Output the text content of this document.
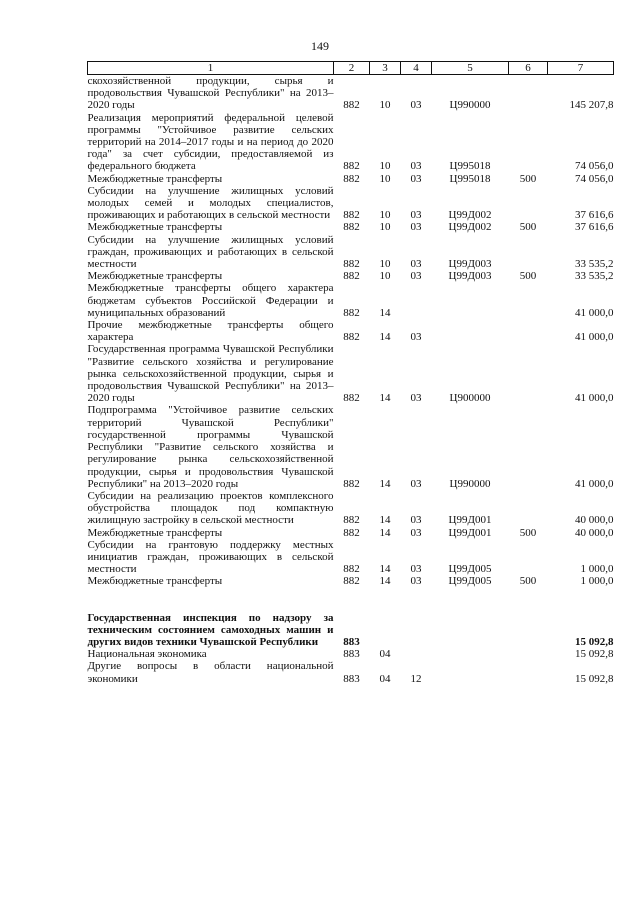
149
1	2	3	4	5	6	7
скохозяйственной продукции, сырья и продовольствия Чувашской Республики" на 2013–2020 годы	882	10	03	Ц990000		145 207,8
Реализация мероприятий федеральной целевой программы "Устойчивое развитие сельских территорий на 2014–2017 годы и на период до 2020 года" за счет субсидии, предоставляемой из федерального бюджета	882	10	03	Ц995018		74 056,0
Межбюджетные трансферты	882	10	03	Ц995018	500	74 056,0
Субсидии на улучшение жилищных условий молодых семей и молодых специалистов, проживающих и работающих в сельской местности	882	10	03	Ц99Д002		37 616,6
Межбюджетные трансферты	882	10	03	Ц99Д002	500	37 616,6
Субсидии на улучшение жилищных условий граждан, проживающих и работающих в сельской местности	882	10	03	Ц99Д003		33 535,2
Межбюджетные трансферты	882	10	03	Ц99Д003	500	33 535,2
Межбюджетные трансферты общего характера бюджетам субъектов Российской Федерации и муниципальных образований	882	14				41 000,0
Прочие межбюджетные трансферты общего характера	882	14	03			41 000,0
Государственная программа Чувашской Республики "Развитие сельского хозяйства и регулирование рынка сельскохозяйственной продукции, сырья и продовольствия Чувашской Республики" на 2013–2020 годы	882	14	03	Ц900000		41 000,0
Подпрограмма "Устойчивое развитие сельских территорий Чувашской Республики" государственной программы Чувашской Республики "Развитие сельского хозяйства и регулирование рынка сельскохозяйственной продукции, сырья и продовольствия Чувашской Республики" на 2013–2020 годы	882	14	03	Ц990000		41 000,0
Субсидии на реализацию проектов комплексного обустройства площадок под компактную жилищную застройку в сельской местности	882	14	03	Ц99Д001		40 000,0
Межбюджетные трансферты	882	14	03	Ц99Д001	500	40 000,0
Субсидии на грантовую поддержку местных инициатив граждан, проживающих в сельской местности	882	14	03	Ц99Д005		1 000,0
Межбюджетные трансферты	882	14	03	Ц99Д005	500	1 000,0

Государственная инспекция по надзору за техническим состоянием самоходных машин и других видов техники Чувашской Республики	883					15 092,8
Национальная экономика	883	04				15 092,8
Другие вопросы в области национальной экономики	883	04	12			15 092,8
